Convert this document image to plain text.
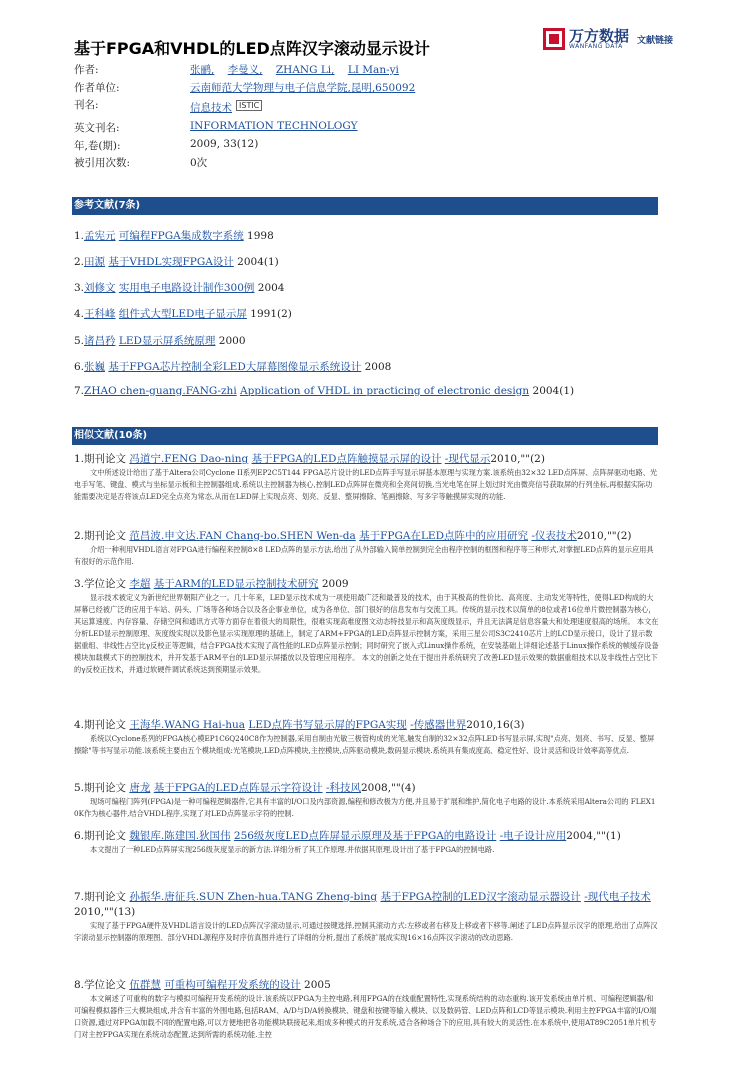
基于FPGA和VHDL的LED点阵汉字滚动显示设计
万方数据
WANFANG DATA
文献链接
作者:	张鹂, 李曼义, ZHANG Li, LI Man-yi
作者单位:	云南师范大学物理与电子信息学院,昆明,650092
刊名:	信息技术 ISTIC
英文刊名:	INFORMATION TECHNOLOGY
年,卷(期):	2009, 33(12)
被引用次数:	0次
参考文献(7条)
1.孟宪元 可编程FPGA集成数字系统 1998
2.田源 基于VHDL实现FPGA设计 2004(1)
3.刘修文 实用电子电路设计制作300例 2004
4.王科峰 组件式大型LED电子显示屏 1991(2)
5.诸昌矜 LED显示屏系统原理 2000
6.张巍 基于FPGA芯片控制全彩LED大屏幕图像显示系统设计 2008
7.ZHAO chen-guang.FANG-zhi Application of VHDL in practicing of electronic design 2004(1)
相似文献(10条)
1.期刊论文 冯道宁.FENG Dao-ning 基于FPGA的LED点阵触摸显示屏的设计 -现代显示2010,""(2)

文中所述设计给出了基于Altera公司Cyclone II系列EP2C5T144 FPGA芯片设计的LED点阵手写显示屏基本原理与实现方案.该系统由32×32 LED点阵屏、点阵屏驱动电路、光电手写笔、键盘、模式与坐标显示板和主控制器组成.系统以主控制器为核心,控制LED点阵屏在微亮和全亮间切换,当光电笔在屏上划过时光由微亮信号获取屏的行列坐标,再根据实际功能需要决定是否将该点LED完全点亮为常态,从而在LED屏上实现点亮、划亮、反显、整屏擦除、笔画擦除、写多字等触摸屏实现的功能.

2.期刊论文 范昌波.申文达.FAN Chang-bo.SHEN Wen-da 基于FPGA在LED点阵中的应用研究 -仪表技术2010,""(2)

介绍一种利用VHDL语言对FPGA进行编程来控制8×8 LED点阵的显示方法,给出了从外部输入简单控制到完全由程序控制的框图和程序等三种形式,对掌握LED点阵的显示应用具有很好的示范作用.

3.学位论文 李超 基于ARM的LED显示控制技术研究 2009

显示技术被定义为新世纪世界朝阳产业之一。几十年来，LED显示技术成为一项使用最广泛和最普及的技术，由于其极高的性价比、高亮度、主动发光等特性，使得LED构成的大屏幕已经被广泛的应用于车站、码头、广场等各种场合以及各企事业单位，成为各单位、部门很好的信息发布与交流工具。传统的显示技术以简单的8位或者16位单片微控制器为核心，其运算速度、内存容量、存储空间和通讯方式等方面存在着很大的局限性，很难实现高难度图文动态特技显示和高灰度级显示，并且无法满足信息容量大和处理速度很高的场所。 本文在分析LED显示控制原理、灰度级实现以及影色显示实现原理的基础上，制定了ARM+FPGA的LED点阵显示控制方案，采用三星公司S3C2410芯片上的LCD显示接口，设计了显示数据重组、非线性占空比γ反校正等逻辑，结合FPGA技术实现了高性能的LED点阵显示控制；同时研究了嵌入式Linux操作系统，在安装基础上详细论述基于Linux操作系统的帧缓存设备模块加载模式下的控制技术，并开发基于ARM平台的LED显示屏播放以及管理应用程序。 本文的创新之处在于提出并系统研究了改善LED显示效果的数据重组技术以及非线性占空比下的γ反校正技术，并通过软硬件调试系统达到预期显示效果。

4.期刊论文 王海华.WANG Hai-hua LED点阵书写显示屏的FPGA实现 -传感器世界2010,16(3)

系统以Cyclone系列的FPGA核心模EP1C6Q240C8作为控制器,采用自制由光敏三极管构成的光笔,触发自制的32×32点阵LED书写显示屏,实现"点亮、划亮、书写、反显、整屏擦除"等书写显示功能.该系统主要由五个模块组成:光笔模块,LED点阵模块,主控模块,点阵驱动模块,数码显示模块.系统具有集成度高、稳定性好、设计灵活和设计效率高等优点.

5.期刊论文 唐龙 基于FPGA的LED点阵显示字符设计 -科技风2008,""(4)

现场可编程门阵列(FPGA)是一种可编程逻辑器件,它具有丰富的I/O口及内部资源,编程和修改极为方便,并且易于扩展和维护,简化电子电路的设计.本系统采用Altera公司的 FLEX10K作为核心器件,结合VHDL程序,实现了对LED点阵显示字符的控制.

6.期刊论文 魏银库.陈建国.狄国伟 256级灰度LED点阵屏显示原理及基于FPGA的电路设计 -电子设计应用2004,""(1)

本文提出了一种LED点阵屏实现256级灰度显示的新方法.详细分析了其工作原理.并依据其原理,设计出了基于FPGA的控制电路.

7.期刊论文 孙振华.唐征兵.SUN Zhen-hua.TANG Zheng-bing 基于FPGA控制的LED汉字滚动显示器设计 -现代电子技术2010,""(13)

实现了基于FPGA硬件及VHDL语言设计的LED点阵汉字滚动显示,可通过按键选择,控制其滚动方式:左移或者右移及上移或者下移等.阐述了LED点阵显示汉字的原理,给出了点阵汉字滚动显示控制器的原理图、部分VHDL源程序及时序仿真图并进行了详细的分析,提出了系统扩展成实现16×16点阵汉字滚动的改动思路.

8.学位论文 伍群慧 可重构可编程开发系统的设计 2005

本文阐述了可重构的数字与模拟可编程开发系统的设计.该系统以FPGA为主控电路,利用FPGA的在线重配置特性,实现系统结构的动态重构.该开发系统由单片机、可编程逻辑器/和可编程模拟器件三大模块组成,并含有丰富的外围电路,包括RAM、A/D与D/A转换模块、键盘和按键等输入模块、以及数码管、LED点阵和LCD等显示模块.利用主控FPGA丰富的I/O端口资源,通过对FPGA加载不同的配置电路,可以方便地把各功能模块联接起来,组成多种模式的开发系统,适合各种场合下的应用,具有较大的灵活性.在本系统中,使用AT89C2051单片机专门对主控FPGA实现在系统动态配置,达到所需的系统功能.主控
